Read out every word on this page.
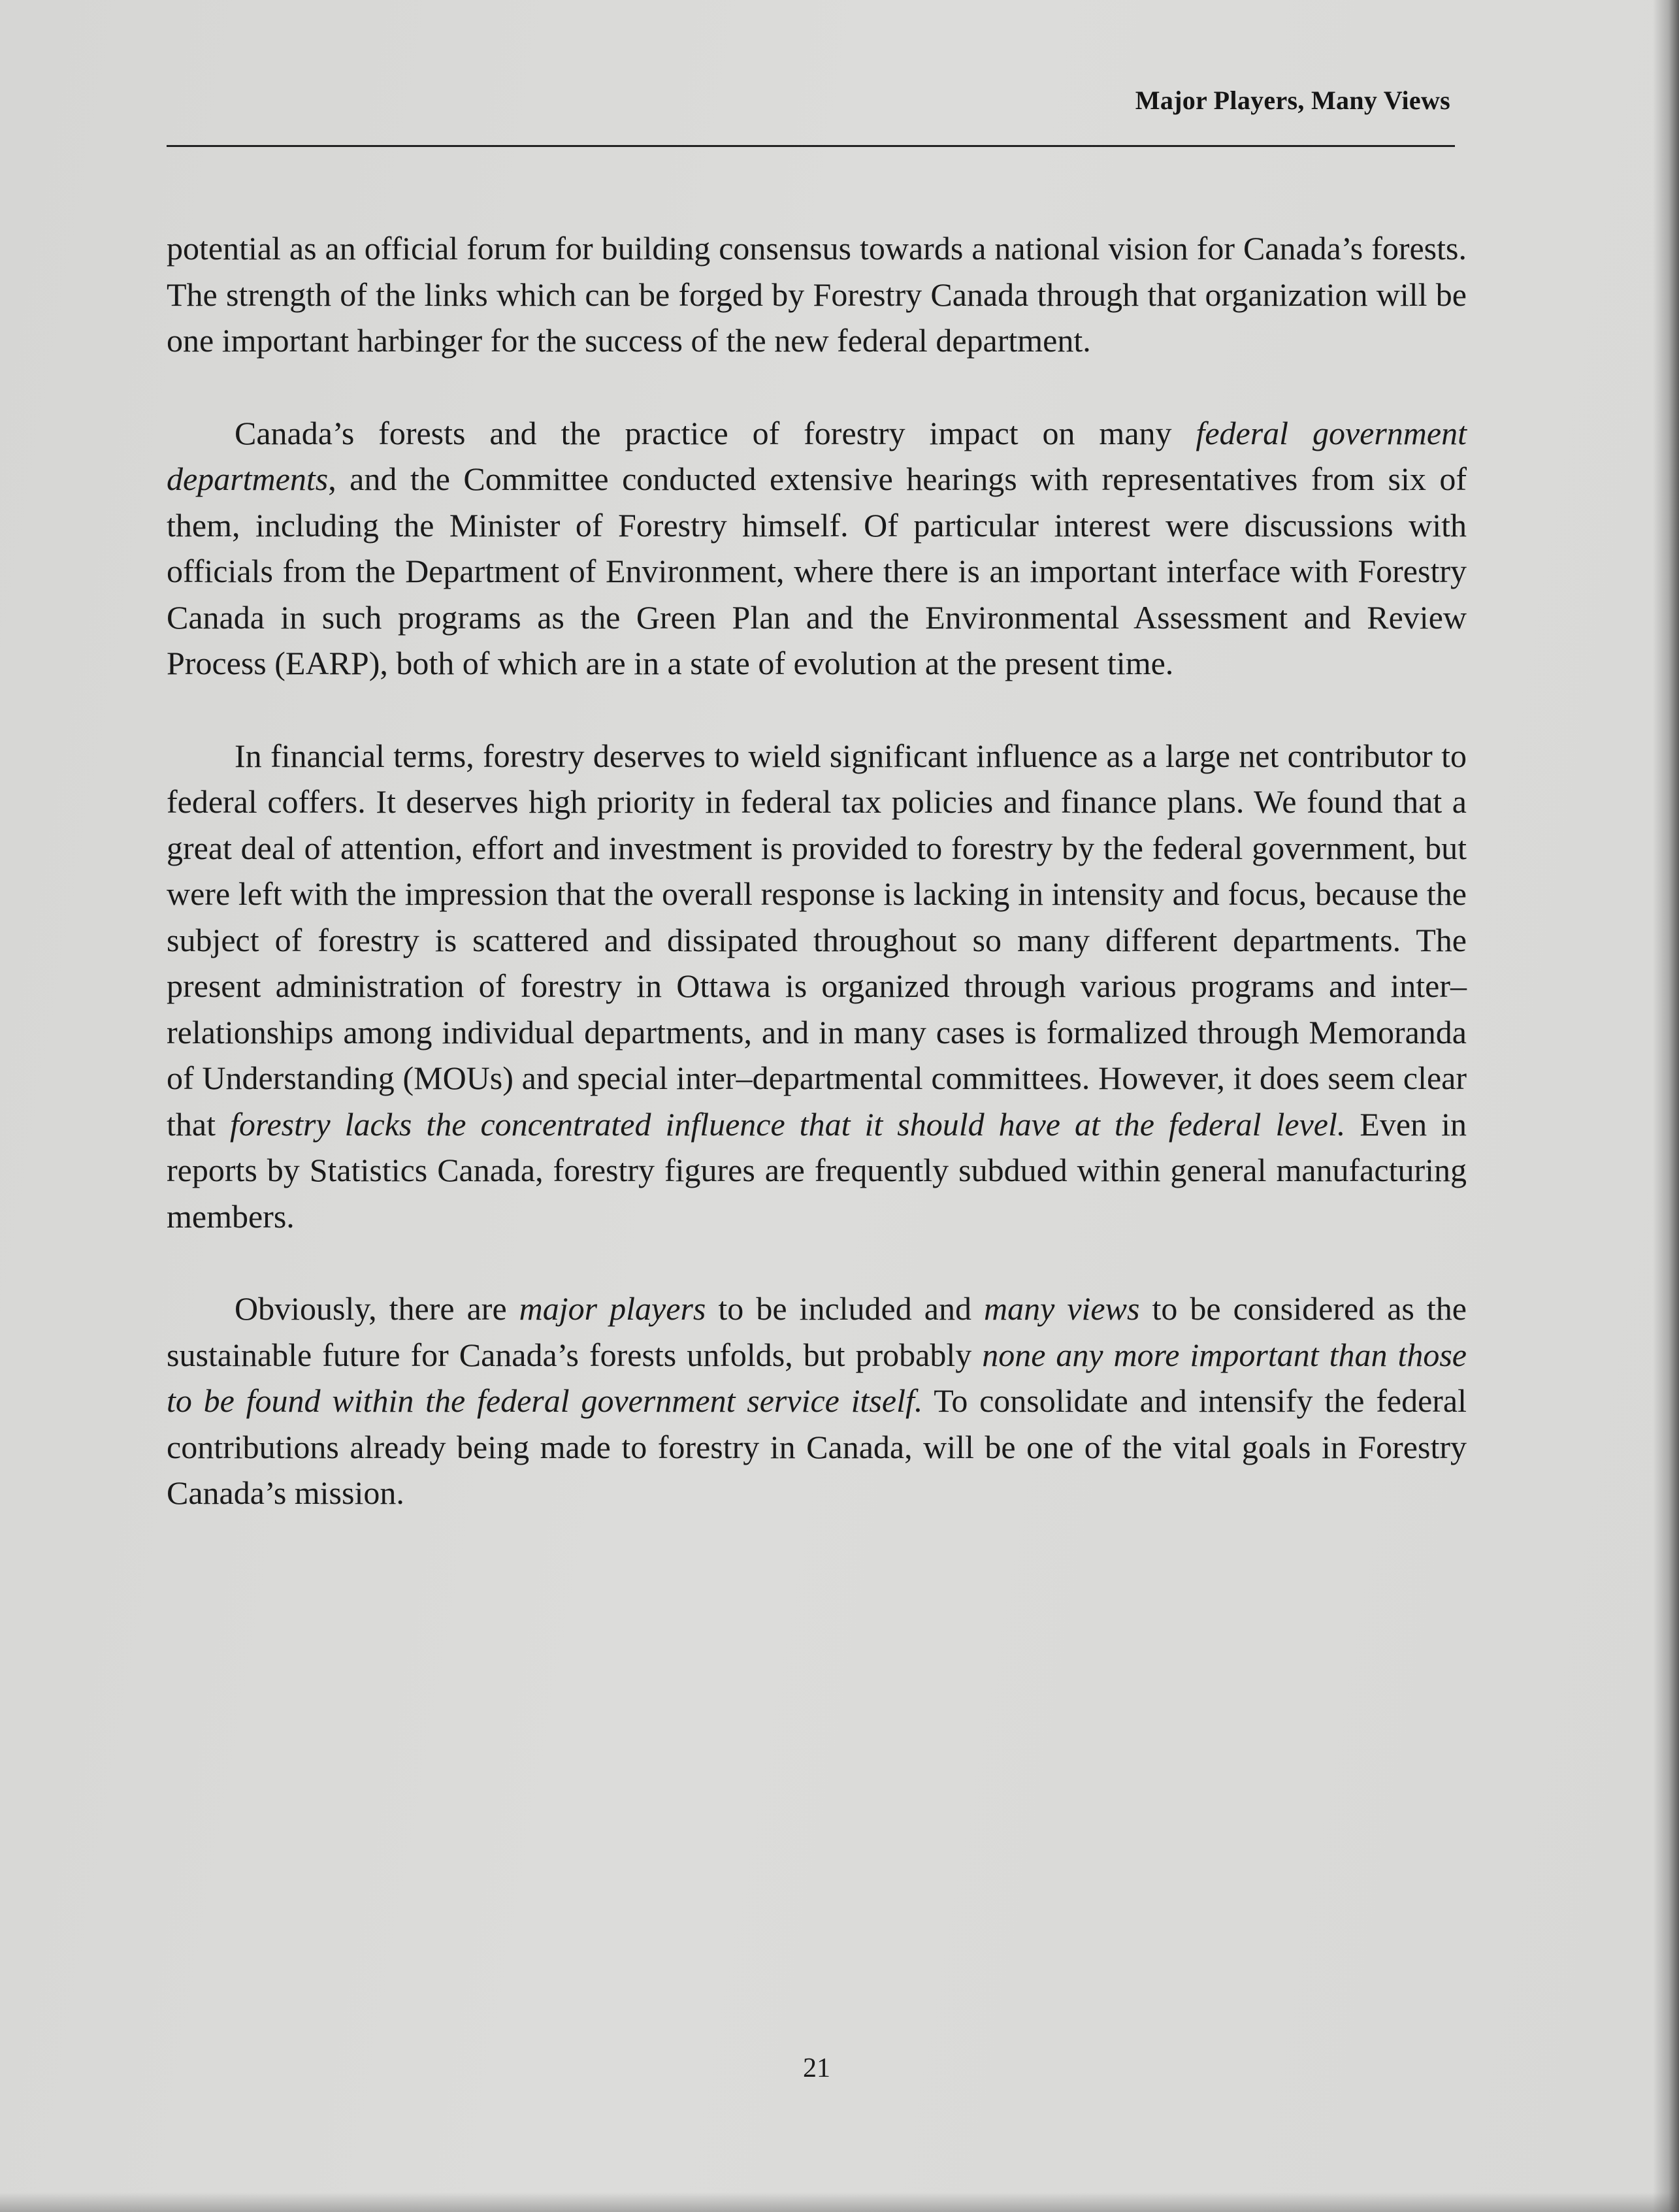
Major Players, Many Views

potential as an official forum for building consensus towards a national vision for Canada’s forests. The strength of the links which can be forged by Forestry Canada through that organization will be one important harbinger for the success of the new federal department.

Canada’s forests and the practice of forestry impact on many federal government departments, and the Committee conducted extensive hearings with representatives from six of them, including the Minister of Forestry himself. Of particular interest were discussions with officials from the Department of Environment, where there is an important interface with Forestry Canada in such programs as the Green Plan and the Environmental Assessment and Review Process (EARP), both of which are in a state of evolution at the present time.

In financial terms, forestry deserves to wield significant influence as a large net contributor to federal coffers. It deserves high priority in federal tax policies and finance plans. We found that a great deal of attention, effort and investment is provided to forestry by the federal government, but were left with the impression that the overall response is lacking in intensity and focus, because the subject of forestry is scattered and dissipated throughout so many different departments. The present administration of forestry in Ottawa is organized through various programs and inter–relationships among individual departments, and in many cases is formalized through Memoranda of Understanding (MOUs) and special inter–departmental committees. However, it does seem clear that forestry lacks the concentrated influence that it should have at the federal level. Even in reports by Statistics Canada, forestry figures are frequently subdued within general manufacturing members.

Obviously, there are major players to be included and many views to be considered as the sustainable future for Canada’s forests unfolds, but probably none any more important than those to be found within the federal government service itself. To consolidate and intensify the federal contributions already being made to forestry in Canada, will be one of the vital goals in Forestry Canada’s mission.

21
